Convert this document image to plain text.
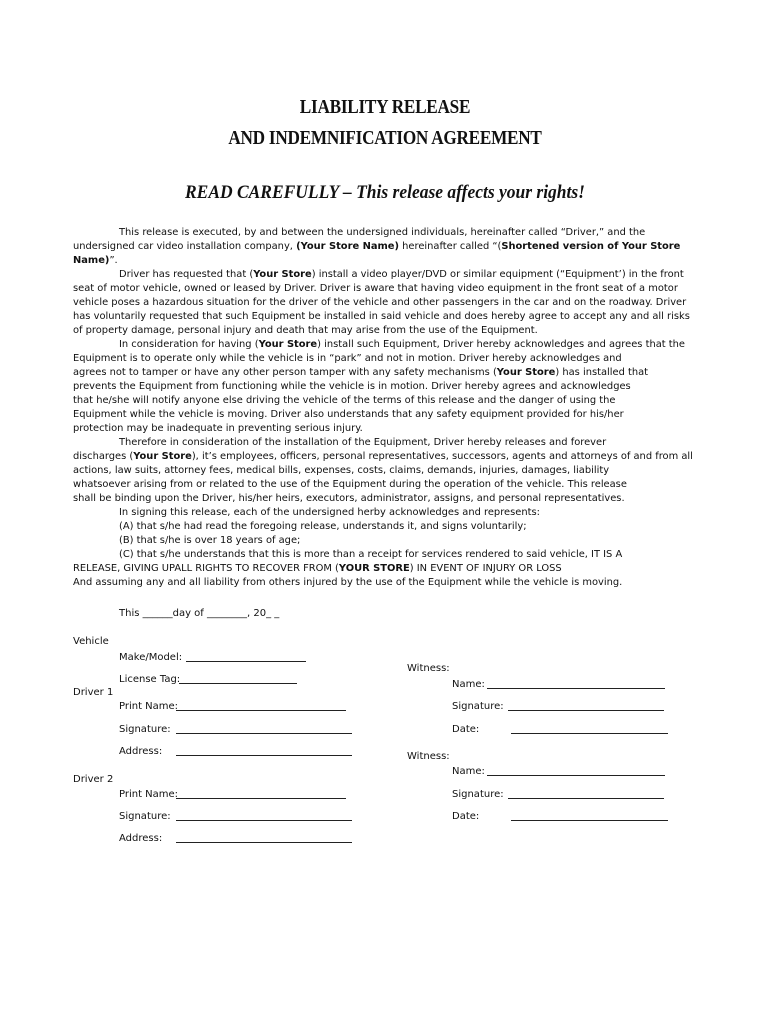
LIABILITY RELEASE
AND INDEMNIFICATION AGREEMENT
READ CAREFULLY – This release affects your rights!
This release is executed, by and between the undersigned individuals, hereinafter called “Driver,” and the
undersigned car video installation company, (Your Store Name) hereinafter called “(Shortened version of Your Store
Name)”.
Driver has requested that (Your Store) install a video player/DVD or similar equipment (“Equipment’) in the front
seat of motor vehicle, owned or leased by Driver. Driver is aware that having video equipment in the front seat of a motor
vehicle poses a hazardous situation for the driver of the vehicle and other passengers in the car and on the roadway. Driver
has voluntarily requested that such Equipment be installed in said vehicle and does hereby agree to accept any and all risks
of property damage, personal injury and death that may arise from the use of the Equipment.
In consideration for having (Your Store) install such Equipment, Driver hereby acknowledges and agrees that the
Equipment is to operate only while the vehicle is in “park” and not in motion. Driver hereby acknowledges and
agrees not to tamper or have any other person tamper with any safety mechanisms (Your Store) has installed that
prevents the Equipment from functioning while the vehicle is in motion. Driver hereby agrees and acknowledges
that he/she will notify anyone else driving the vehicle of the terms of this release and the danger of using the
Equipment while the vehicle is moving. Driver also understands that any safety equipment provided for his/her
protection may be inadequate in preventing serious injury.
Therefore in consideration of the installation of the Equipment, Driver hereby releases and forever
discharges (Your Store), it’s employees, officers, personal representatives, successors, agents and attorneys of and from all
actions, law suits, attorney fees, medical bills, expenses, costs, claims, demands, injuries, damages, liability
whatsoever arising from or related to the use of the Equipment during the operation of the vehicle. This release
shall be binding upon the Driver, his/her heirs, executors, administrator, assigns, and personal representatives.
In signing this release, each of the undersigned herby acknowledges and represents:
(A) that s/he had read the foregoing release, understands it, and signs voluntarily;
(B) that s/he is over 18 years of age;
(C) that s/he understands that this is more than a receipt for services rendered to said vehicle, IT IS A
RELEASE, GIVING UPALL RIGHTS TO RECOVER FROM (YOUR STORE) IN EVENT OF INJURY OR LOSS
And assuming any and all liability from others injured by the use of the Equipment while the vehicle is moving.
This ______day of ________, 20_ _
Vehicle
Make/Model:
License Tag:
Driver 1
Print Name:
Signature:
Address:
Driver 2
Print Name:
Signature:
Address:
Witness:
Name:
Signature:
Date:
Witness:
Name:
Signature:
Date:
